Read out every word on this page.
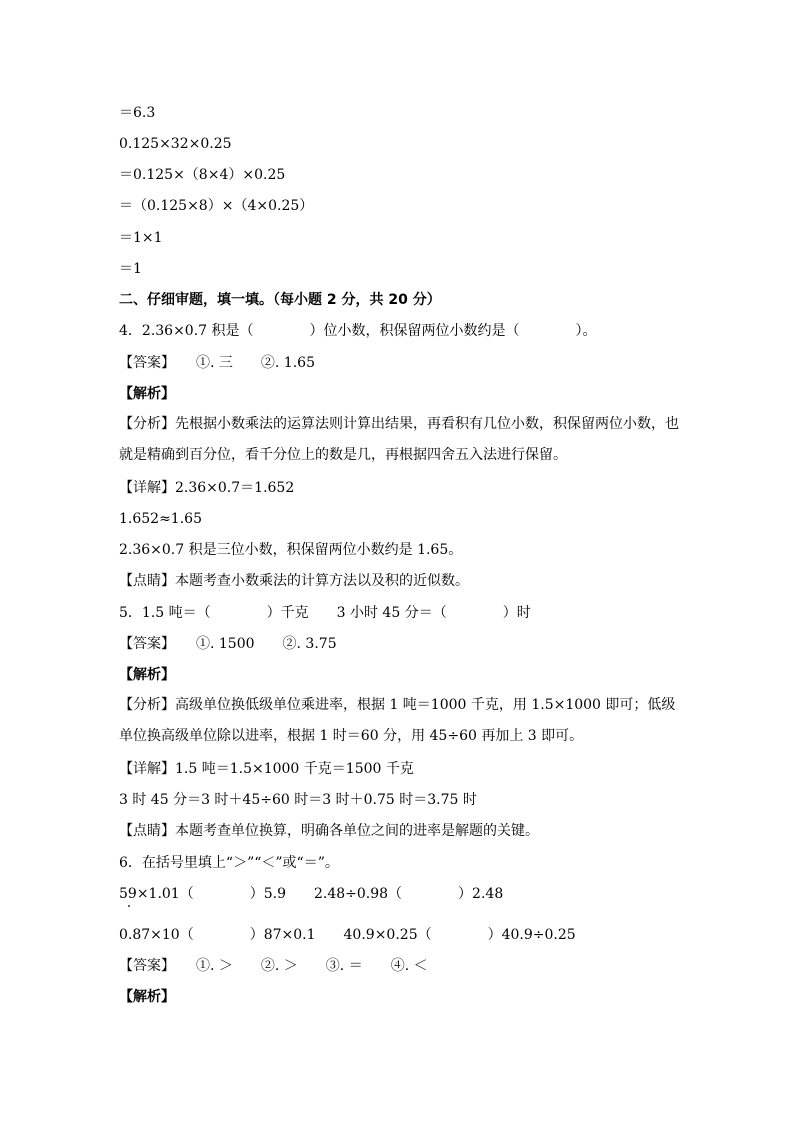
＝6.3
0.125×32×0.25
＝0.125×（8×4）×0.25
＝（0.125×8）×（4×0.25）
＝1×1
＝1
二、仔细审题，填一填。（每小题 2 分，共 20 分）
4．2.36×0.7 积是（　　　　）位小数，积保留两位小数约是（　　　　）。
【答案】　　①. 三　　②. 1.65
【解析】
【分析】先根据小数乘法的运算法则计算出结果，再看积有几位小数，积保留两位小数，也就是精确到百分位，看千分位上的数是几，再根据四舍五入法进行保留。
【详解】2.36×0.7＝1.652
1.652≈1.65
2.36×0.7 积是三位小数，积保留两位小数约是 1.65。
【点睛】本题考查小数乘法的计算方法以及积的近似数。
5．1.5 吨＝（　　　　）千克　　3 小时 45 分＝（　　　　）时
【答案】　　①. 1500　　②. 3.75
【解析】
【分析】高级单位换低级单位乘进率，根据 1 吨＝1000 千克，用 1.5×1000 即可；低级单位换高级单位除以进率，根据 1 时＝60 分，用 45÷60 再加上 3 即可。
【详解】1.5 吨＝1.5×1000 千克＝1500 千克
3 时 45 分＝3 时＋45÷60 时＝3 时＋0.75 时＝3.75 时
【点睛】本题考查单位换算，明确各单位之间的进率是解题的关键。
6．在括号里填上“＞”“＜”或“＝”。
59×1.01（　　　　）5.9　　2.48÷0.98（　　　　）2.48
0.87×10（　　　　）87×0.1　　40.9×0.25（　　　　）40.9÷0.25
【答案】　　①. ＞　　②. ＞　　③. ＝　　④. ＜
【解析】
